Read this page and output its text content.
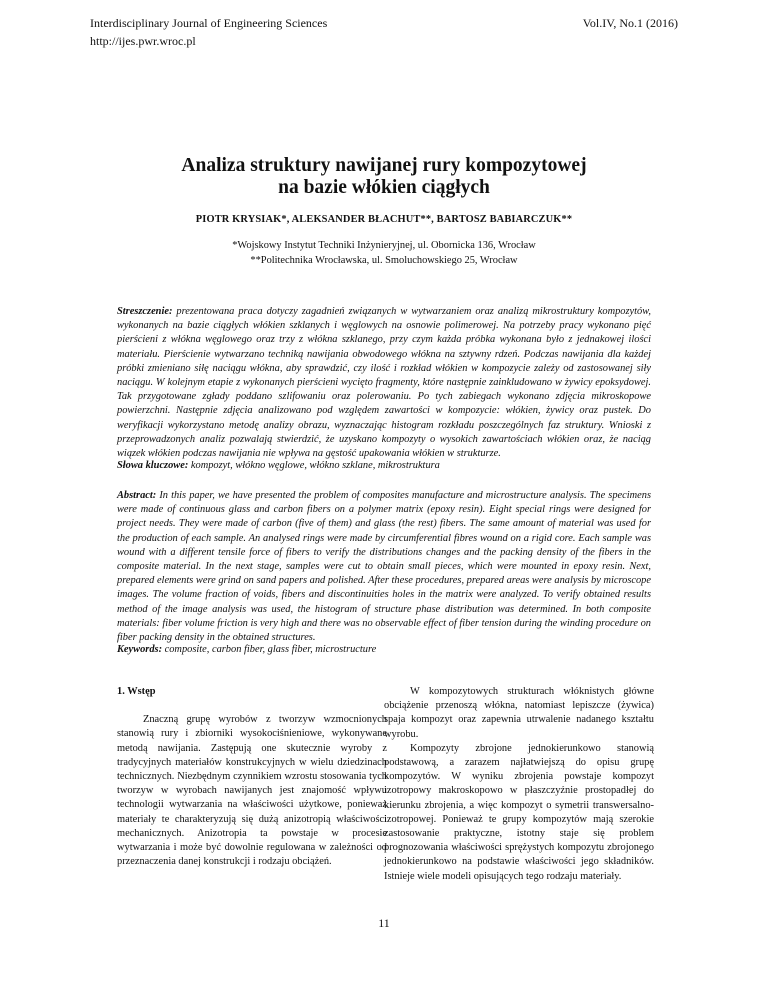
Interdisciplinary Journal of Engineering Sciences
http://ijes.pwr.wroc.pl
Vol.IV, No.1 (2016)
Analiza struktury nawijanej rury kompozytowej
na bazie włókien ciągłych
PIOTR KRYSIAK*, ALEKSANDER BŁACHUT**, BARTOSZ BABIARCZUK**
*Wojskowy Instytut Techniki Inżynieryjnej, ul. Obornicka 136, Wrocław
**Politechnika Wrocławska, ul. Smoluchowskiego 25, Wrocław
Streszczenie: prezentowana praca dotyczy zagadnień związanych w wytwarzaniem oraz analizą mikrostruktury kompozytów, wykonanych na bazie ciągłych włókien szklanych i węglowych na osnowie polimerowej. Na potrzeby pracy wykonano pięć pierścieni z włókna węglowego oraz trzy z włókna szklanego, przy czym każda próbka wykonana było z jednakowej ilości materiału. Pierścienie wytwarzano techniką nawijania obwodowego włókna na sztywny rdzeń. Podczas nawijania dla każdej próbki zmieniano siłę naciągu włókna, aby sprawdzić, czy ilość i rozkład włókien w kompozycie zależy od zastosowanej siły naciągu. W kolejnym etapie z wykonanych pierścieni wycięto fragmenty, które następnie zainkludowano w żywicy epoksydowej. Tak przygotowane zgłady poddano szlifowaniu oraz polerowaniu. Po tych zabiegach wykonano zdjęcia mikroskopowe powierzchni. Następnie zdjęcia analizowano pod względem zawartości w kompozycie: włókien, żywicy oraz pustek. Do weryfikacji wykorzystano metodę analizy obrazu, wyznaczając histogram rozkładu poszczególnych faz struktury. Wnioski z przeprowadzonych analiz pozwalają stwierdzić, że uzyskano kompozyty o wysokich zawartościach włókien oraz, że naciąg wiązek włókien podczas nawijania nie wpływa na gęstość upakowania włókien w strukturze.
Słowa kluczowe: kompozyt, włókno węglowe, włókno szklane, mikrostruktura
Abstract: In this paper, we have presented the problem of composites manufacture and microstructure analysis. The specimens were made of continuous glass and carbon fibers on a polymer matrix (epoxy resin). Eight special rings were designed for project needs. They were made of carbon (five of them) and glass (the rest) fibers. The same amount of material was used for the production of each sample. An analysed rings were made by circumferential fibres wound on a rigid core. Each sample was wound with a different tensile force of fibers to verify the distributions changes and the packing density of the fibers in the composite material. In the next stage, samples were cut to obtain small pieces, which were mounted in epoxy resin. Next, prepared elements were grind on sand papers and polished. After these procedures, prepared areas were analysis by microscope images. The volume fraction of voids, fibers and discontinuities holes in the matrix were analyzed. To verify obtained results method of the image analysis was used, the histogram of structure phase distribution was determined. In both composite materials: fiber volume friction is very high and there was no observable effect of fiber tension during the winding procedure on fiber packing density in the obtained structures.
Keywords: composite, carbon fiber, glass fiber, microstructure
1. Wstęp

Znaczną grupę wyrobów z tworzyw wzmocnionych stanowią rury i zbiorniki wysokociśnieniowe, wykonywane metodą nawijania. Zastępują one skutecznie wyroby z tradycyjnych materiałów konstrukcyjnych w wielu dziedzinach technicznych. Niezbędnym czynnikiem wzrostu stosowania tych tworzyw w wyrobach nawijanych jest znajomość wpływu technologii wytwarzania na właściwości użytkowe, ponieważ materiały te charakteryzują się dużą anizotropią właściwości mechanicznych. Anizotropia ta powstaje w procesie wytwarzania i może być dowolnie regulowana w zależności od przeznaczenia danej konstrukcji i rodzaju obciążeń.

W kompozytowych strukturach włóknistych główne obciążenie przenoszą włókna, natomiast lepiszcze (żywica) spaja kompozyt oraz zapewnia utrwalenie nadanego kształtu wyrobu.

Kompozyty zbrojone jednokierunkowo stanowią podstawową, a zarazem najłatwiejszą do opisu grupę kompozytów. W wyniku zbrojenia powstaje kompozyt izotropowy makroskopowo w płaszczyźnie prostopadłej do kierunku zbrojenia, a więc kompozyt o symetrii transwersalno-izotropowej. Ponieważ te grupy kompozytów mają szerokie zastosowanie praktyczne, istotny staje się problem prognozowania właściwości sprężystych kompozytu zbrojonego jednokierunkowo na podstawie właściwości jego składników. Istnieje wiele modeli opisujących tego rodzaju materiały.

11
